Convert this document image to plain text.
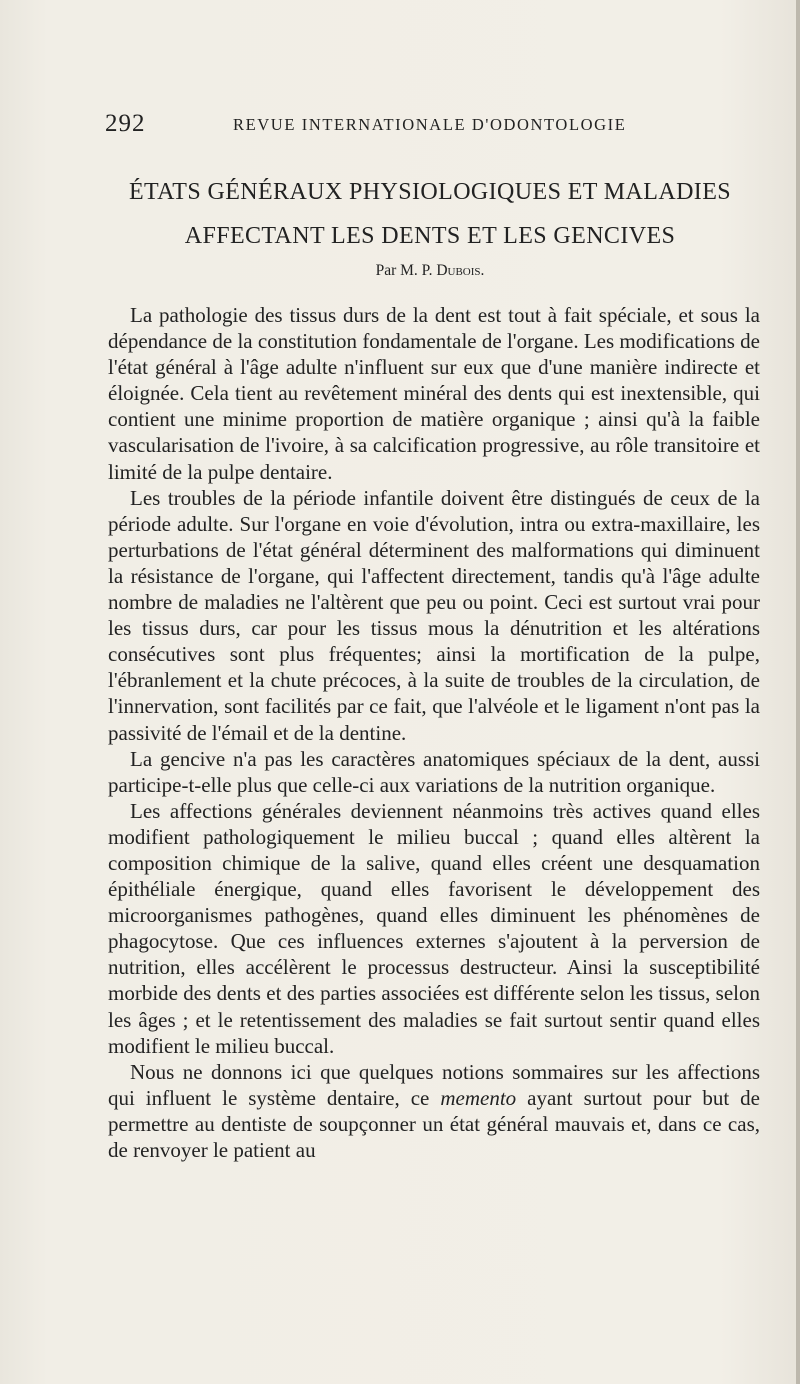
292	REVUE INTERNATIONALE D'ODONTOLOGIE
ÉTATS GÉNÉRAUX PHYSIOLOGIQUES ET MALADIES
AFFECTANT LES DENTS ET LES GENCIVES
Par M. P. Dubois.

La pathologie des tissus durs de la dent est tout à fait spéciale, et sous la dépendance de la constitution fondamentale de l'organe. Les modifications de l'état général à l'âge adulte n'influent sur eux que d'une manière indirecte et éloignée. Cela tient au revêtement minéral des dents qui est inextensible, qui contient une minime proportion de matière organique ; ainsi qu'à la faible vascularisation de l'ivoire, à sa calcification progressive, au rôle transitoire et limité de la pulpe dentaire.

Les troubles de la période infantile doivent être distingués de ceux de la période adulte. Sur l'organe en voie d'évolution, intra ou extra-maxillaire, les perturbations de l'état général déterminent des malformations qui diminuent la résistance de l'organe, qui l'affectent directement, tandis qu'à l'âge adulte nombre de maladies ne l'altèrent que peu ou point. Ceci est surtout vrai pour les tissus durs, car pour les tissus mous la dénutrition et les altérations consécutives sont plus fréquentes; ainsi la mortification de la pulpe, l'ébranlement et la chute précoces, à la suite de troubles de la circulation, de l'innervation, sont facilités par ce fait, que l'alvéole et le ligament n'ont pas la passivité de l'émail et de la dentine.

La gencive n'a pas les caractères anatomiques spéciaux de la dent, aussi participe-t-elle plus que celle-ci aux variations de la nutrition organique.

Les affections générales deviennent néanmoins très actives quand elles modifient pathologiquement le milieu buccal ; quand elles altèrent la composition chimique de la salive, quand elles créent une desquamation épithéliale énergique, quand elles favorisent le développement des microorganismes pathogènes, quand elles diminuent les phénomènes de phagocytose. Que ces influences externes s'ajoutent à la perversion de nutrition, elles accélèrent le processus destructeur. Ainsi la susceptibilité morbide des dents et des parties associées est différente selon les tissus, selon les âges ; et le retentissement des maladies se fait surtout sentir quand elles modifient le milieu buccal.

Nous ne donnons ici que quelques notions sommaires sur les affections qui influent le système dentaire, ce memento ayant surtout pour but de permettre au dentiste de soupçonner un état général mauvais et, dans ce cas, de renvoyer le patient au
